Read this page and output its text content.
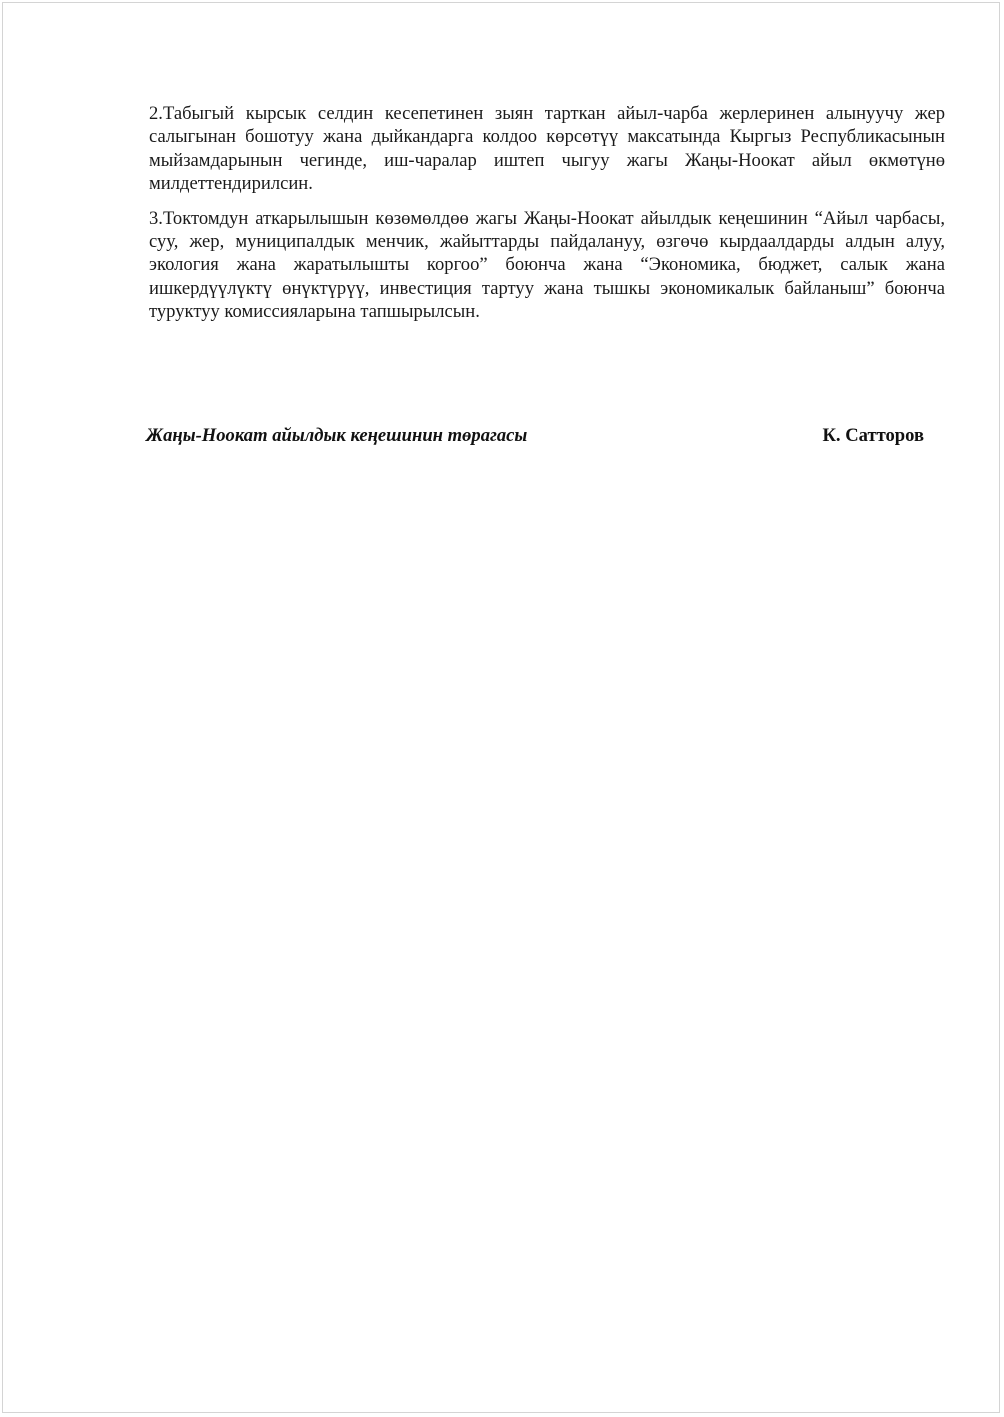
2.Табыгый кырсык селдин кесепетинен зыян тарткан айыл-чарба жерлеринен алынуучу жер салыгынан бошотуу жана дыйкандарга колдоо көрсөтүү максатында Кыргыз Республикасынын мыйзамдарынын чегинде, иш-чаралар иштеп чыгуу жагы Жаңы-Ноокат айыл өкмөтүнө милдеттендирилсин.

3.Токтомдун аткарылышын көзөмөлдөө жагы Жаңы-Ноокат айылдык кеңешинин “Айыл чарбасы, суу, жер, муниципалдык менчик, жайыттарды пайдалануу, өзгөчө кырдаалдарды алдын алуу, экология жана жаратылышты коргоо” боюнча жана “Экономика, бюджет, салык жана ишкердүүлүктү өнүктүрүү, инвестиция тартуу жана тышкы экономикалык байланыш” боюнча туруктуу комиссияларына тапшырылсын.

Жаңы-Ноокат айылдык кеңешинин төрагасы	К. Сатторов
